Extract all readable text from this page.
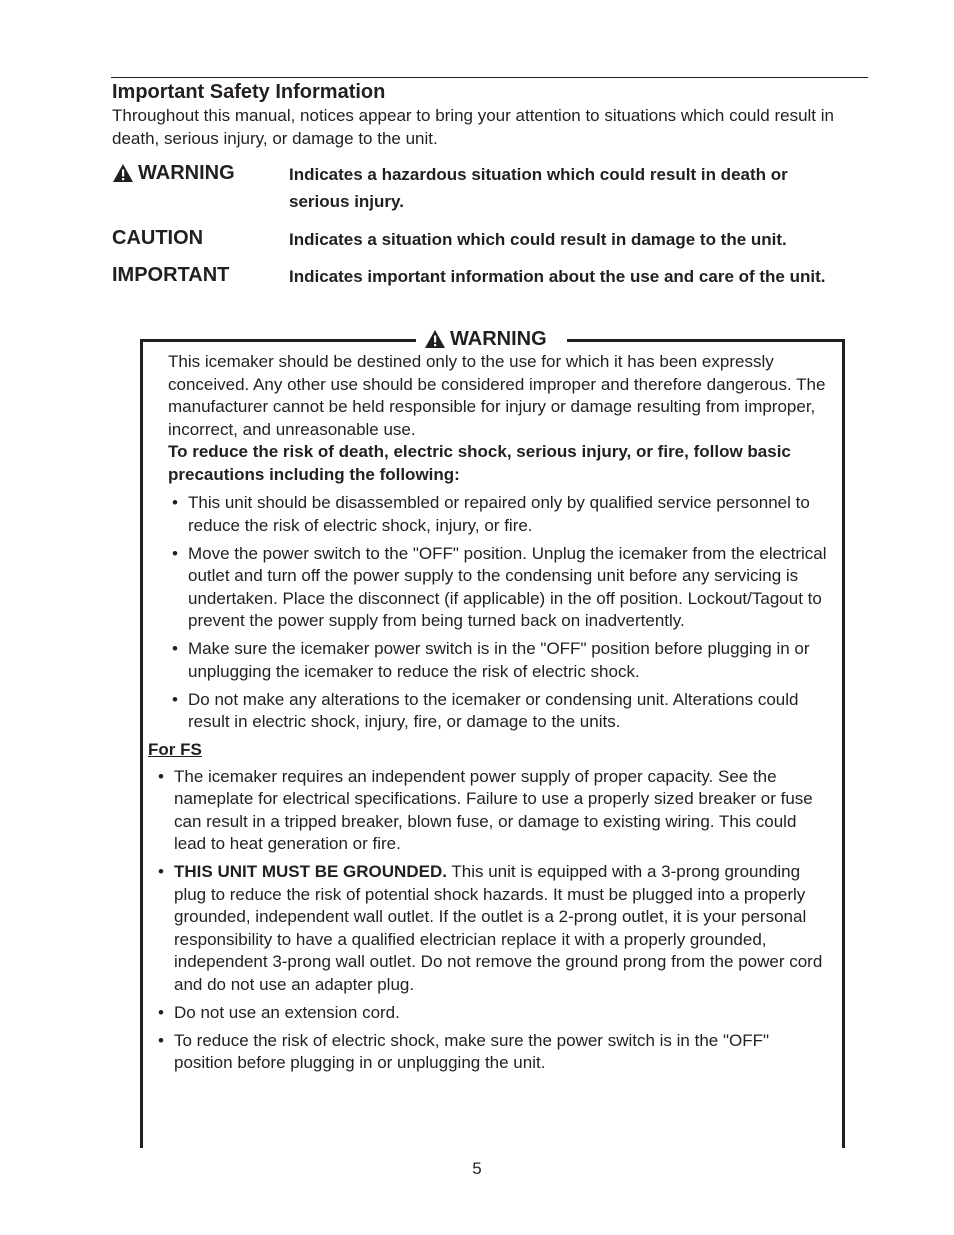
Important Safety Information

Throughout this manual, notices appear to bring your attention to situations which could result in death, serious injury, or damage to the unit.

WARNING	Indicates a hazardous situation which could result in death or serious injury.
CAUTION	Indicates a situation which could result in damage to the unit.
IMPORTANT	Indicates important information about the use and care of the unit.
WARNING

This icemaker should be destined only to the use for which it has been expressly conceived. Any other use should be considered improper and therefore dangerous. The manufacturer cannot be held responsible for injury or damage resulting from improper, incorrect, and unreasonable use.

To reduce the risk of death, electric shock, serious injury, or fire, follow basic precautions including the following:

• This unit should be disassembled or repaired only by qualified service personnel to reduce the risk of electric shock, injury, or fire.
• Move the power switch to the "OFF" position. Unplug the icemaker from the electrical outlet and turn off the power supply to the condensing unit before any servicing is undertaken. Place the disconnect (if applicable) in the off position. Lockout/Tagout to prevent the power supply from being turned back on inadvertently.
• Make sure the icemaker power switch is in the "OFF" position before plugging in or unplugging the icemaker to reduce the risk of electric shock.
• Do not make any alterations to the icemaker or condensing unit. Alterations could result in electric shock, injury, fire, or damage to the units.

For FS

• The icemaker requires an independent power supply of proper capacity. See the nameplate for electrical specifications. Failure to use a properly sized breaker or fuse can result in a tripped breaker, blown fuse, or damage to existing wiring. This could lead to heat generation or fire.
• THIS UNIT MUST BE GROUNDED. This unit is equipped with a 3-prong grounding plug to reduce the risk of potential shock hazards. It must be plugged into a properly grounded, independent wall outlet. If the outlet is a 2-prong outlet, it is your personal responsibility to have a qualified electrician replace it with a properly grounded, independent 3-prong wall outlet. Do not remove the ground prong from the power cord and do not use an adapter plug.
• Do not use an extension cord.
• To reduce the risk of electric shock, make sure the power switch is in the "OFF" position before plugging in or unplugging the unit.
5
